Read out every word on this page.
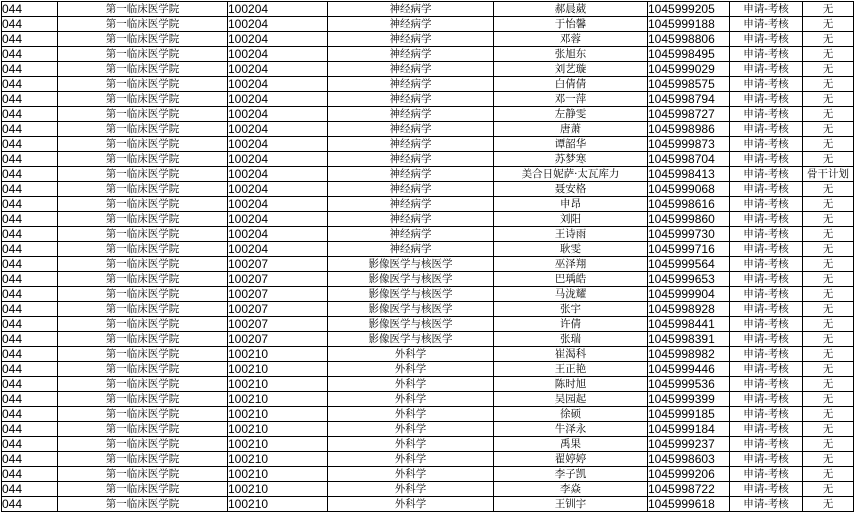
044	第一临床医学院	100204	神经病学	郝晨葳	1045999205	申请-考核	无
044	第一临床医学院	100204	神经病学	于怡馨	1045999188	申请-考核	无
044	第一临床医学院	100204	神经病学	邓蓉	1045998806	申请-考核	无
044	第一临床医学院	100204	神经病学	张旭东	1045998495	申请-考核	无
044	第一临床医学院	100204	神经病学	刘艺璇	1045999029	申请-考核	无
044	第一临床医学院	100204	神经病学	白倩倩	1045998575	申请-考核	无
044	第一临床医学院	100204	神经病学	邓一萍	1045998794	申请-考核	无
044	第一临床医学院	100204	神经病学	左静雯	1045998727	申请-考核	无
044	第一临床医学院	100204	神经病学	唐萧	1045998986	申请-考核	无
044	第一临床医学院	100204	神经病学	谭韶华	1045999873	申请-考核	无
044	第一临床医学院	100204	神经病学	苏梦寒	1045998704	申请-考核	无
044	第一临床医学院	100204	神经病学	美合日妮萨·太瓦库力	1045998413	申请-考核	骨干计划
044	第一临床医学院	100204	神经病学	聂安格	1045999068	申请-考核	无
044	第一临床医学院	100204	神经病学	申昂	1045998616	申请-考核	无
044	第一临床医学院	100204	神经病学	刘阳	1045999860	申请-考核	无
044	第一临床医学院	100204	神经病学	王诗雨	1045999730	申请-考核	无
044	第一临床医学院	100204	神经病学	耿雯	1045999716	申请-考核	无
044	第一临床医学院	100207	影像医学与核医学	巫泽翔	1045999564	申请-考核	无
044	第一临床医学院	100207	影像医学与核医学	巴瑀皓	1045999653	申请-考核	无
044	第一临床医学院	100207	影像医学与核医学	马泷耀	1045999904	申请-考核	无
044	第一临床医学院	100207	影像医学与核医学	张宇	1045998928	申请-考核	无
044	第一临床医学院	100207	影像医学与核医学	许倩	1045998441	申请-考核	无
044	第一临床医学院	100207	影像医学与核医学	张瑞	1045998391	申请-考核	无
044	第一临床医学院	100210	外科学	崔渴科	1045998982	申请-考核	无
044	第一临床医学院	100210	外科学	王正艳	1045999446	申请-考核	无
044	第一临床医学院	100210	外科学	陈时旭	1045999536	申请-考核	无
044	第一临床医学院	100210	外科学	吴园起	1045999399	申请-考核	无
044	第一临床医学院	100210	外科学	徐硕	1045999185	申请-考核	无
044	第一临床医学院	100210	外科学	牛泽永	1045999184	申请-考核	无
044	第一临床医学院	100210	外科学	禹果	1045999237	申请-考核	无
044	第一临床医学院	100210	外科学	翟婷婷	1045998603	申请-考核	无
044	第一临床医学院	100210	外科学	李子凯	1045999206	申请-考核	无
044	第一临床医学院	100210	外科学	李焱	1045998722	申请-考核	无
044	第一临床医学院	100210	外科学	王钏宇	1045999618	申请-考核	无
